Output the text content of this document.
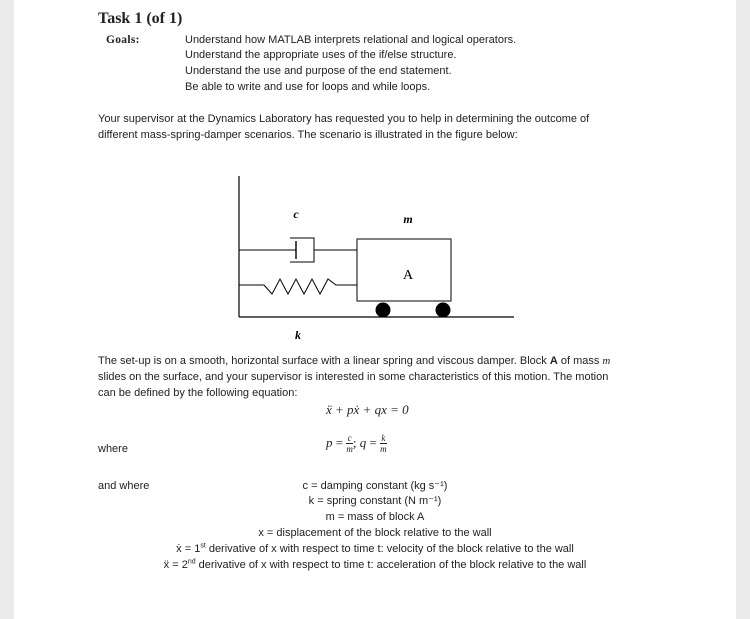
Task 1 (of 1)
Goals:	Understand how MATLAB interprets relational and logical operators.
Understand the appropriate uses of the if/else structure.
Understand the use and purpose of the end statement.
Be able to write and use for loops and while loops.
Your supervisor at the Dynamics Laboratory has requested you to help in determining the outcome of
different mass-spring-damper scenarios. The scenario is illustrated in the figure below:
c	m
A
k
The set-up is on a smooth, horizontal surface with a linear spring and viscous damper. Block A of mass m
slides on the surface, and your supervisor is interested in some characteristics of this motion. The motion
can be defined by the following equation:
ẍ + pẋ + qx = 0
where	$p = \frac{c}{m}$ ; $q = \frac{k}{m}$
and where	c = damping constant (kg s⁻¹)
k = spring constant (N m⁻¹)
m = mass of block A
x = displacement of the block relative to the wall
ẋ = 1st derivative of x with respect to time t: velocity of the block relative to the wall
ẍ = 2nd derivative of x with respect to time t: acceleration of the block relative to the wall
